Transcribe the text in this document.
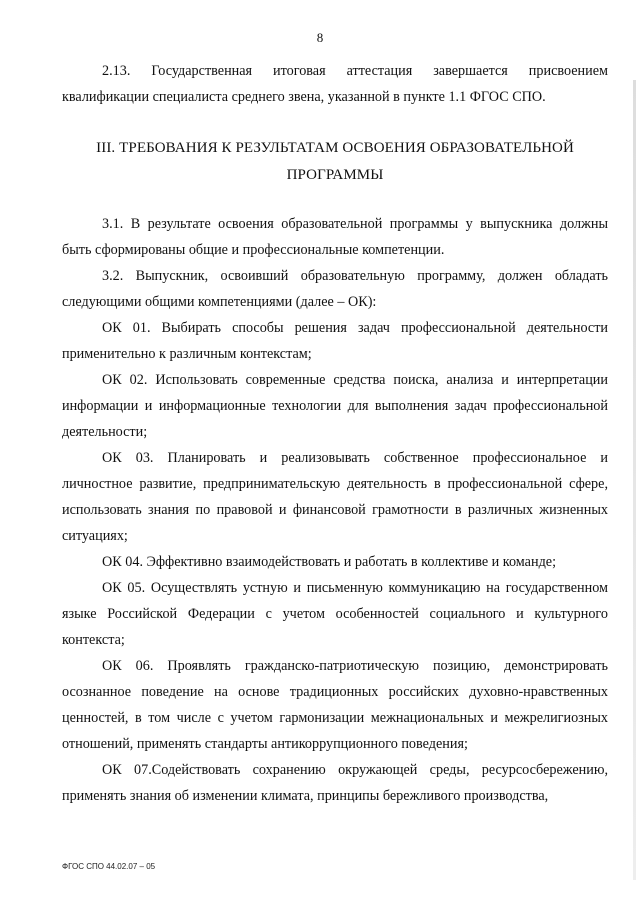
8

2.13. Государственная итоговая аттестация завершается присвоением квалификации специалиста среднего звена, указанной в пункте 1.1 ФГОС СПО.

III. ТРЕБОВАНИЯ К РЕЗУЛЬТАТАМ ОСВОЕНИЯ ОБРАЗОВАТЕЛЬНОЙ
ПРОГРАММЫ

3.1. В результате освоения образовательной программы у выпускника должны быть сформированы общие и профессиональные компетенции.

3.2. Выпускник, освоивший образовательную программу, должен обладать следующими общими компетенциями (далее – ОК):

ОК 01. Выбирать способы решения задач профессиональной деятельности применительно к различным контекстам;

ОК 02. Использовать современные средства поиска, анализа и интерпретации информации и информационные технологии для выполнения задач профессиональной деятельности;

ОК 03. Планировать и реализовывать собственное профессиональное и личностное развитие, предпринимательскую деятельность в профессиональной сфере, использовать знания по правовой и финансовой грамотности в различных жизненных ситуациях;

ОК 04. Эффективно взаимодействовать и работать в коллективе и команде;

ОК 05. Осуществлять устную и письменную коммуникацию на государственном языке Российской Федерации с учетом особенностей социального и культурного контекста;

ОК 06. Проявлять гражданско-патриотическую позицию, демонстрировать осознанное поведение на основе традиционных российских духовно-нравственных ценностей, в том числе с учетом гармонизации межнациональных и межрелигиозных отношений, применять стандарты антикоррупционного поведения;

ОК 07.Содействовать сохранению окружающей среды, ресурсосбережению, применять знания об изменении климата, принципы бережливого производства,

ФГОС СПО 44.02.07 – 05
